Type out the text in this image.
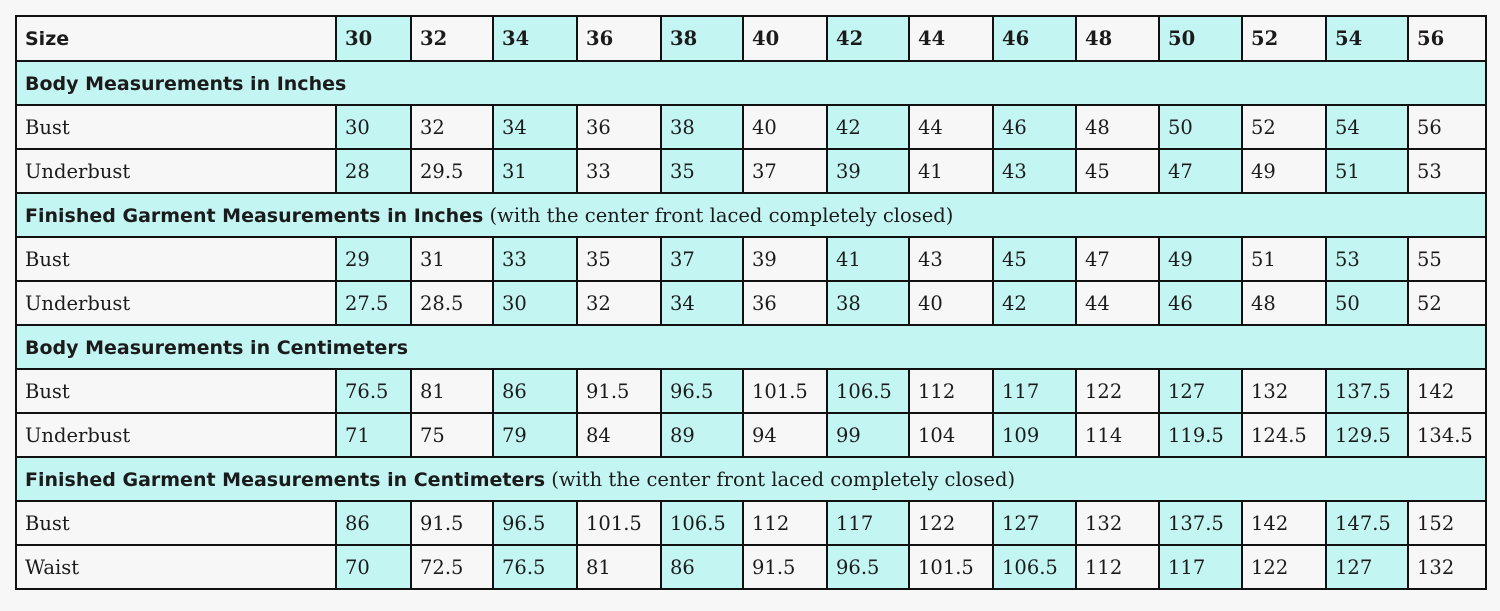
Size	30	32	34	36	38	40	42	44	46	48	50	52	54	56
Body Measurements in Inches														
Bust	30	32	34	36	38	40	42	44	46	48	50	52	54	56
Underbust	28	29.5	31	33	35	37	39	41	43	45	47	49	51	53
Finished Garment Measurements in Inches (with the center front laced completely closed)														
Bust	29	31	33	35	37	39	41	43	45	47	49	51	53	55
Underbust	27.5	28.5	30	32	34	36	38	40	42	44	46	48	50	52
Body Measurements in Centimeters														
Bust	76.5	81	86	91.5	96.5	101.5	106.5	112	117	122	127	132	137.5	142
Underbust	71	75	79	84	89	94	99	104	109	114	119.5	124.5	129.5	134.5
Finished Garment Measurements in Centimeters (with the center front laced completely closed)														
Bust	86	91.5	96.5	101.5	106.5	112	117	122	127	132	137.5	142	147.5	152
Waist	70	72.5	76.5	81	86	91.5	96.5	101.5	106.5	112	117	122	127	132
